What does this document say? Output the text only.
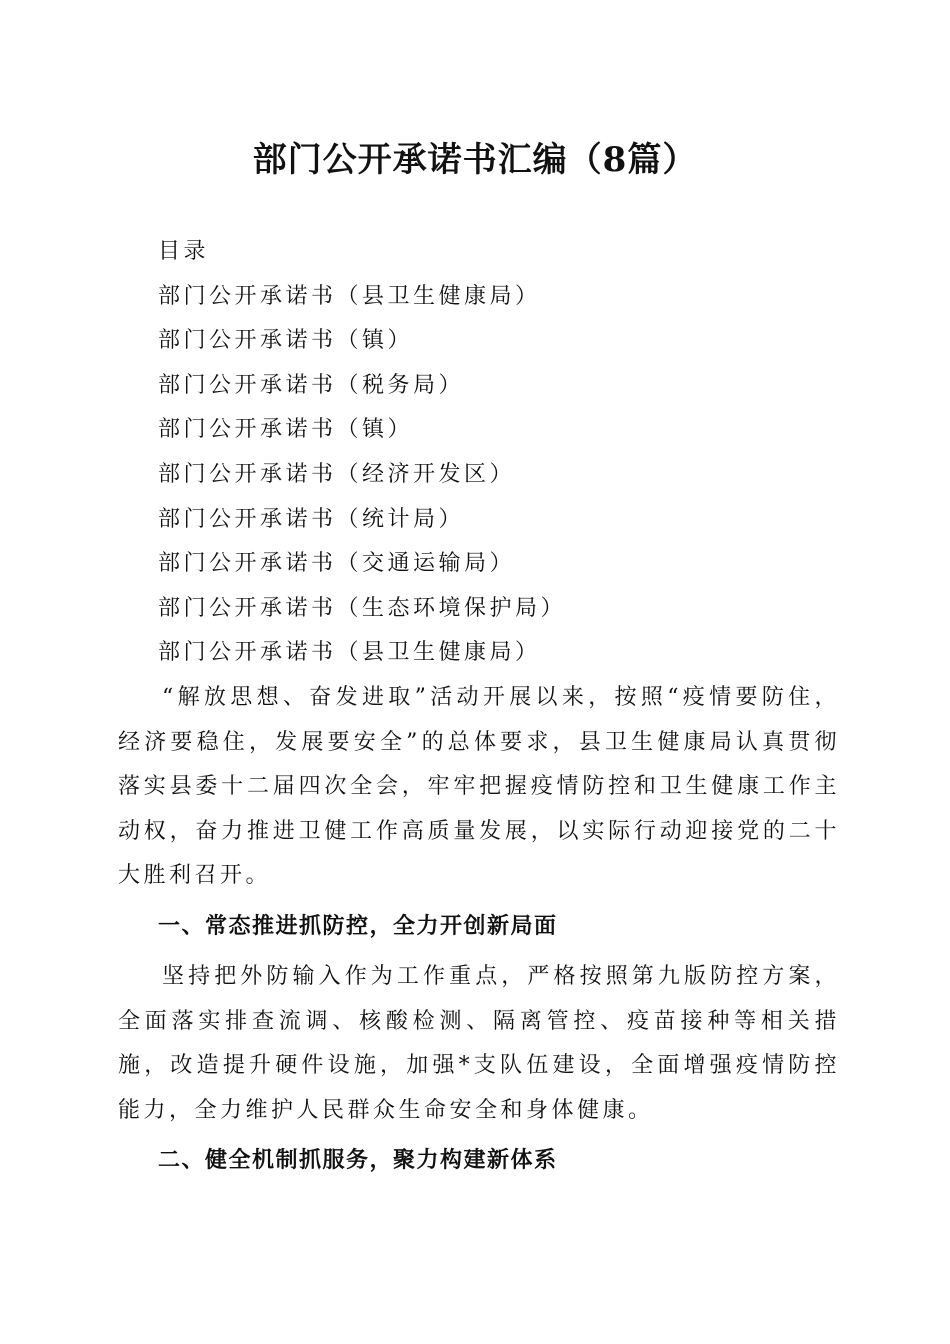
部门公开承诺书汇编（8篇）
目录
部门公开承诺书（县卫生健康局）
部门公开承诺书（镇）
部门公开承诺书（税务局）
部门公开承诺书（镇）
部门公开承诺书（经济开发区）
部门公开承诺书（统计局）
部门公开承诺书（交通运输局）
部门公开承诺书（生态环境保护局）
部门公开承诺书（县卫生健康局）

“解放思想、奋发进取”活动开展以来，按照“疫情要防住，经济要稳住，发展要安全”的总体要求，县卫生健康局认真贯彻落实县委十二届四次全会，牢牢把握疫情防控和卫生健康工作主动权，奋力推进卫健工作高质量发展，以实际行动迎接党的二十大胜利召开。

一、常态推进抓防控，全力开创新局面

坚持把外防输入作为工作重点，严格按照第九版防控方案，全面落实排查流调、核酸检测、隔离管控、疫苗接种等相关措施，改造提升硬件设施，加强*支队伍建设，全面增强疫情防控能力，全力维护人民群众生命安全和身体健康。

二、健全机制抓服务，聚力构建新体系
